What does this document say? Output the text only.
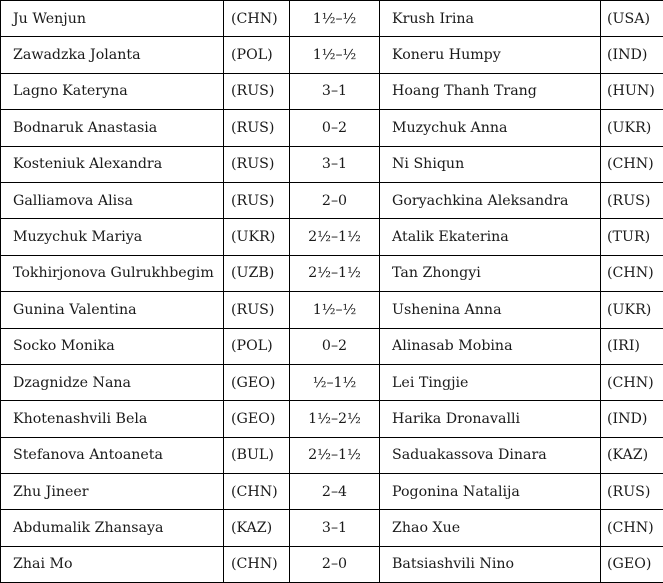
Ju Wenjun	(CHN)	1½–½	Krush Irina	(USA)
Zawadzka Jolanta	(POL)	1½–½	Koneru Humpy	(IND)
Lagno Kateryna	(RUS)	3–1	Hoang Thanh Trang	(HUN)
Bodnaruk Anastasia	(RUS)	0–2	Muzychuk Anna	(UKR)
Kosteniuk Alexandra	(RUS)	3–1	Ni Shiqun	(CHN)
Galliamova Alisa	(RUS)	2–0	Goryachkina Aleksandra	(RUS)
Muzychuk Mariya	(UKR)	2½–1½	Atalik Ekaterina	(TUR)
Tokhirjonova Gulrukhbegim	(UZB)	2½–1½	Tan Zhongyi	(CHN)
Gunina Valentina	(RUS)	1½–½	Ushenina Anna	(UKR)
Socko Monika	(POL)	0–2	Alinasab Mobina	(IRI)
Dzagnidze Nana	(GEO)	½–1½	Lei Tingjie	(CHN)
Khotenashvili Bela	(GEO)	1½–2½	Harika Dronavalli	(IND)
Stefanova Antoaneta	(BUL)	2½–1½	Saduakassova Dinara	(KAZ)
Zhu Jineer	(CHN)	2–4	Pogonina Natalija	(RUS)
Abdumalik Zhansaya	(KAZ)	3–1	Zhao Xue	(CHN)
Zhai Mo	(CHN)	2–0	Batsiashvili Nino	(GEO)
